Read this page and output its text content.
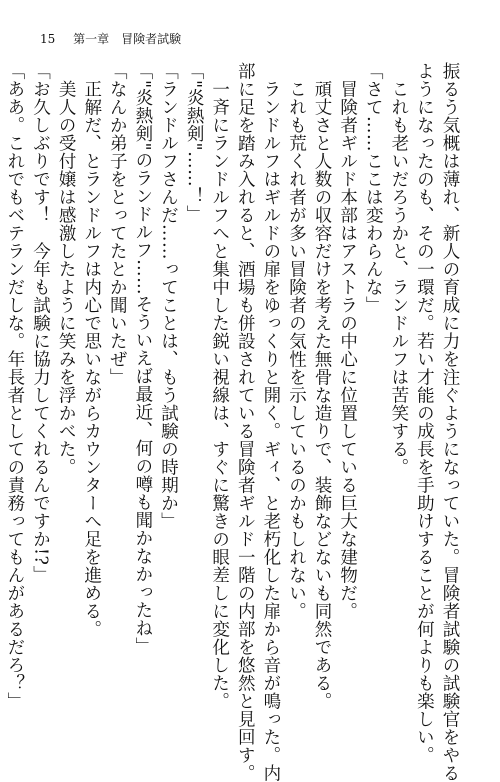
15 第一章　冒険者試験
振るう気概は薄れ、新人の育成に力を注ぐようになっていた。冒険者試験の試験官をやる
ようになったのも、その一環だ。若い才能の成長を手助けすることが何よりも楽しい。
　これも老いだろうかと、ランドルフは苦笑する。
「さて……ここは変わらんな」
　冒険者ギルド本部はアストラの中心に位置している巨大な建物だ。
　頑丈さと人数の収容だけを考えた無骨な造りで、装飾などないも同然である。
　これも荒くれ者が多い冒険者の気性を示しているのかもしれない。
　ランドルフはギルドの扉をゆっくりと開く。ギィ、と老朽化した扉から音が鳴った。内
部に足を踏み入れると、酒場も併設されている冒険者ギルド一階の内部を悠然と見回す。
　一斉にランドルフへと集中した鋭い視線は、すぐに驚きの眼差しに変化した。
「"炎熱剣"……！」
「ランドルフさんだ……ってことは、もう試験の時期か」
「"炎熱剣"のランドルフ……そういえば最近、何の噂も聞かなかったね」
「なんか弟子をとってたとか聞いたぜ」
　正解だ、とランドルフは内心で思いながらカウンターへ足を進める。
　美人の受付嬢は感激したように笑みを浮かべた。
「お久しぶりです！　今年も試験に協力してくれるんですか!?」
「ああ。これでもベテランだしな。年長者としての責務ってもんがあるだろ？」
